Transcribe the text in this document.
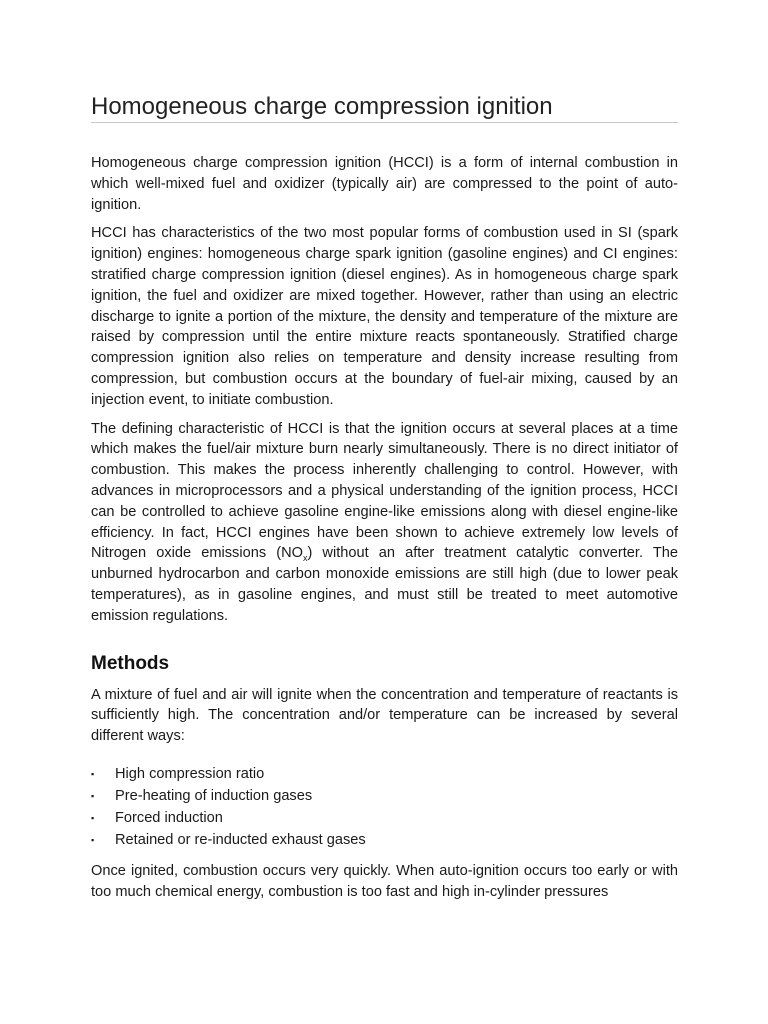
Homogeneous charge compression ignition

Homogeneous charge compression ignition (HCCI) is a form of internal combustion in which well-mixed fuel and oxidizer (typically air) are compressed to the point of auto-ignition.

HCCI has characteristics of the two most popular forms of combustion used in SI (spark ignition) engines: homogeneous charge spark ignition (gasoline engines) and CI engines: stratified charge compression ignition (diesel engines). As in homogeneous charge spark ignition, the fuel and oxidizer are mixed together. However, rather than using an electric discharge to ignite a portion of the mixture, the density and temperature of the mixture are raised by compression until the entire mixture reacts spontaneously. Stratified charge compression ignition also relies on temperature and density increase resulting from compression, but combustion occurs at the boundary of fuel-air mixing, caused by an injection event, to initiate combustion.

The defining characteristic of HCCI is that the ignition occurs at several places at a time which makes the fuel/air mixture burn nearly simultaneously. There is no direct initiator of combustion. This makes the process inherently challenging to control. However, with advances in microprocessors and a physical understanding of the ignition process, HCCI can be controlled to achieve gasoline engine-like emissions along with diesel engine-like efficiency. In fact, HCCI engines have been shown to achieve extremely low levels of Nitrogen oxide emissions $(NO_x)$ without an after treatment catalytic converter. The unburned hydrocarbon and carbon monoxide emissions are still high (due to lower peak temperatures), as in gasoline engines, and must still be treated to meet automotive emission regulations.

Methods

A mixture of fuel and air will ignite when the concentration and temperature of reactants is sufficiently high. The concentration and/or temperature can be increased by several different ways:

▪ High compression ratio
▪ Pre-heating of induction gases
▪ Forced induction
▪ Retained or re-inducted exhaust gases

Once ignited, combustion occurs very quickly. When auto-ignition occurs too early or with too much chemical energy, combustion is too fast and high in-cylinder pressures
